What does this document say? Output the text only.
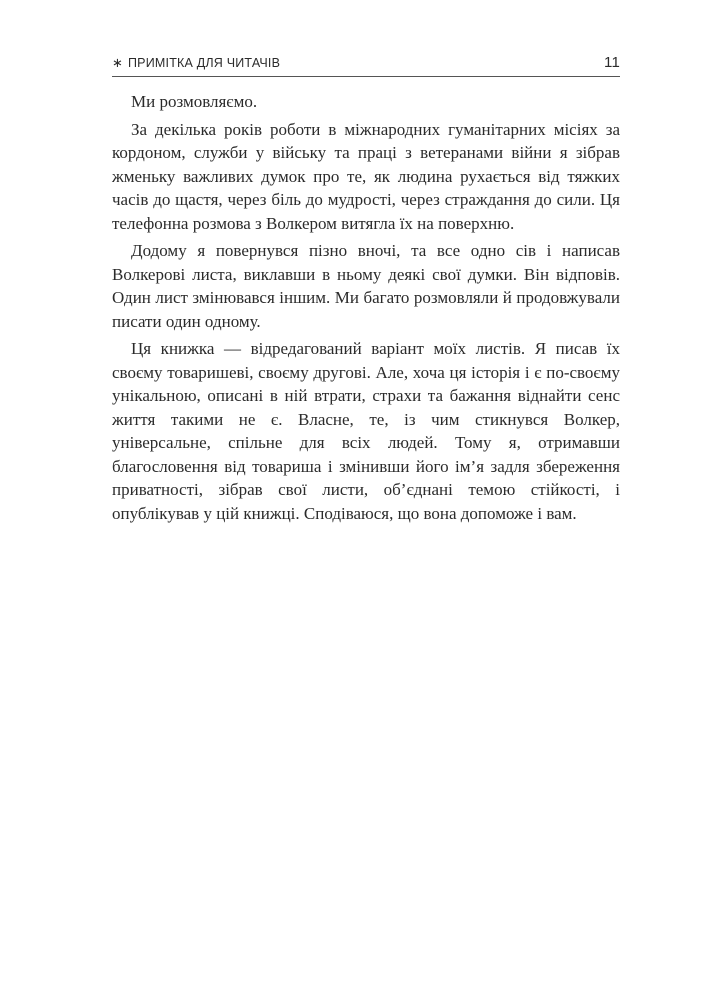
∗ ПРИМІТКА ДЛЯ ЧИТАЧІВ	11

Ми розмовляємо.

За декілька років роботи в міжнародних гуманітарних місіях за кордоном, служби у війську та праці з ветеранами війни я зібрав жменьку важливих думок про те, як людина рухається від тяжких часів до щастя, через біль до мудрості, через страждання до сили. Ця телефонна розмова з Волкером витягла їх на поверхню.

Додому я повернувся пізно вночі, та все одно сів і написав Волкерові листа, виклавши в ньому деякі свої думки. Він відповів. Один лист змінювався іншим. Ми багато розмовляли й продовжували писати один одному.

Ця книжка — відредагований варіант моїх листів. Я писав їх своєму товаришеві, своєму другові. Але, хоча ця історія і є по-своєму унікальною, описані в ній втрати, страхи та бажання віднайти сенс життя такими не є. Власне, те, із чим стикнувся Волкер, універсальне, спільне для всіх людей. Тому я, отримавши благословення від товариша і змінивши його ім’я задля збереження приватності, зібрав свої листи, об’єднані темою стійкості, і опублікував у цій книжці. Сподіваюся, що вона допоможе і вам.
